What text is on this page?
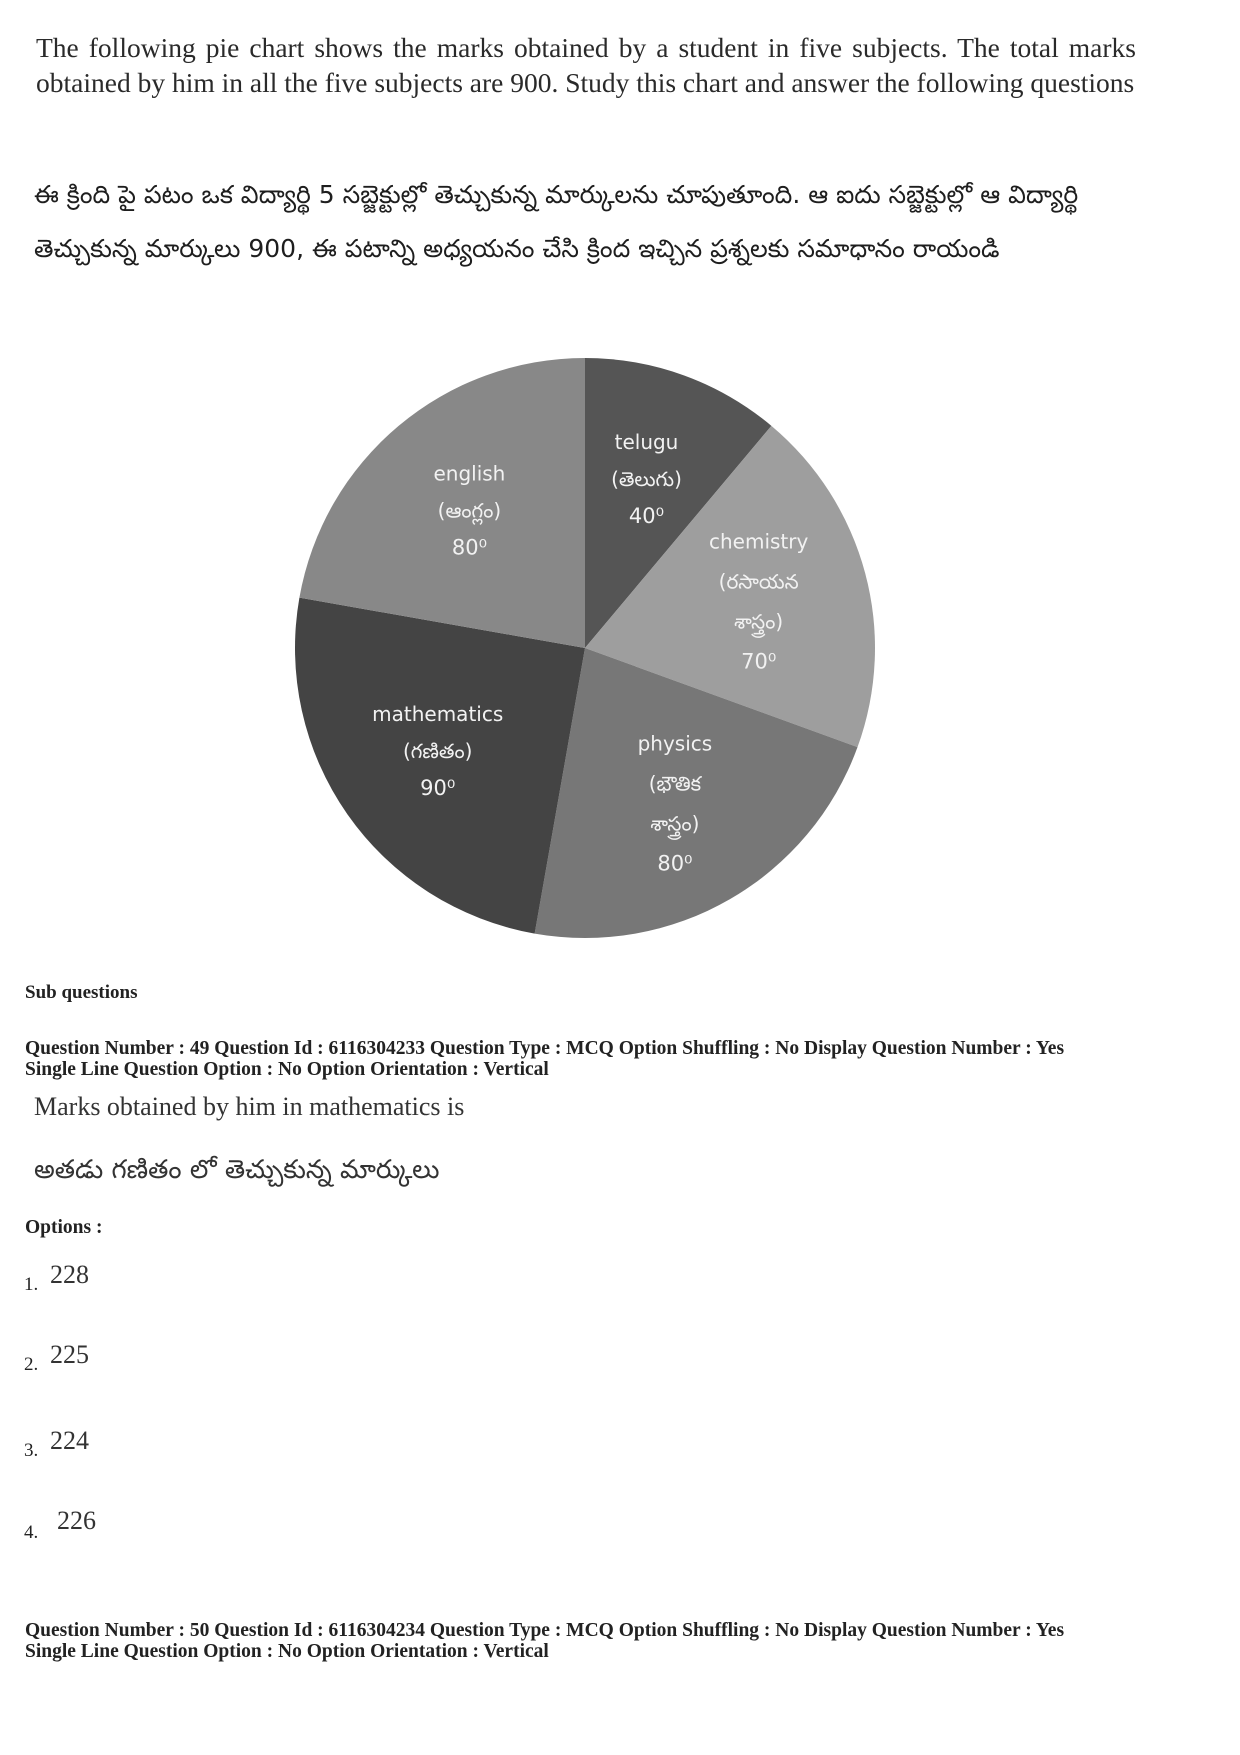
The following pie chart shows the marks obtained by a student in five subjects. The total marks obtained by him in all the five subjects are 900. Study this chart and answer the following questions
ఈ క్రింది పై పటం ఒక విద్యార్థి 5 సబ్జెక్టుల్లో తెచ్చుకున్న మార్కులను చూపుతూంది. ఆ ఐదు సబ్జెక్టుల్లో ఆ విద్యార్థి తెచ్చుకున్న మార్కులు 900, ఈ పటాన్ని అధ్యయనం చేసి క్రింద ఇచ్చిన ప్రశ్నలకు సమాధానం రాయండి
telugu
(తెలుగు)
40⁰
chemistry
(రసాయన
శాస్త్రం)
70⁰
physics
(భౌతిక
శాస్త్రం)
80⁰
mathematics
(గణితం)
90⁰
english
(ఆంగ్లం)
80⁰
Sub questions
Question Number : 49 Question Id : 6116304233 Question Type : MCQ Option Shuffling : No Display Question Number : Yes
Single Line Question Option : No Option Orientation : Vertical
Marks obtained by him in mathematics is
అతడు గణితం లో తెచ్చుకున్న మార్కులు
Options :
1. 228
2. 225
3. 224
4. 226
Question Number : 50 Question Id : 6116304234 Question Type : MCQ Option Shuffling : No Display Question Number : Yes
Single Line Question Option : No Option Orientation : Vertical
